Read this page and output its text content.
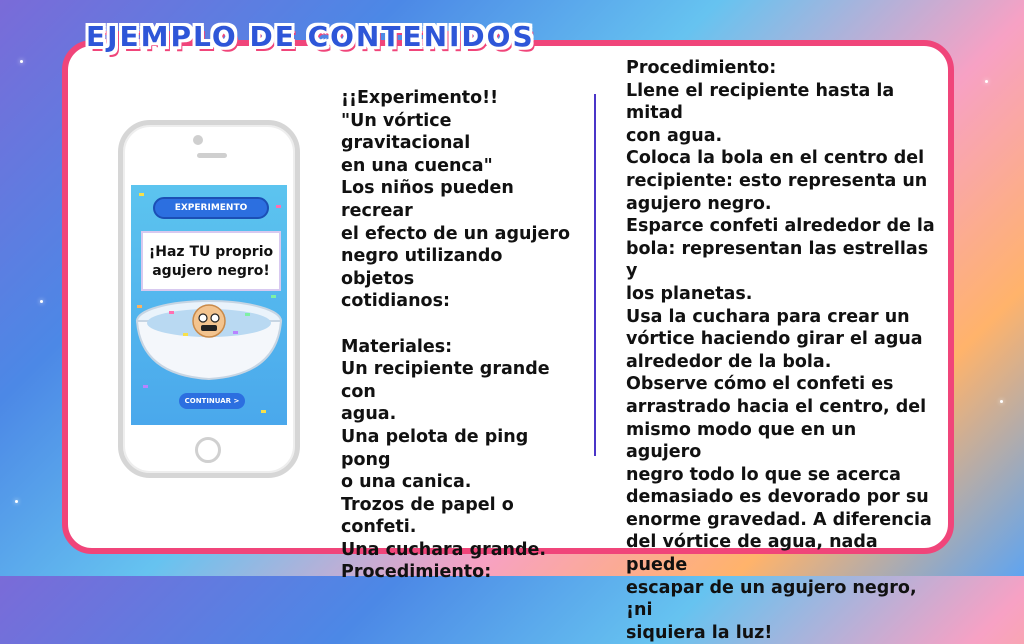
EJEMPLO DE CONTENIDOS
EXPERIMENTO
¡Haz TU proprio agujero negro!
CONTINUAR >
¡¡Experimento!!
"Un vórtice gravitacional
en una cuenca"
Los niños pueden recrear
el efecto de un agujero
negro utilizando objetos
cotidianos:
Materiales:
Un recipiente grande con
agua.
Una pelota de ping pong
o una canica.
Trozos de papel o confeti.
Una cuchara grande.
Procedimiento:
Procedimiento:
Llene el recipiente hasta la mitad
con agua.
Coloca la bola en el centro del
recipiente: esto representa un
agujero negro.
Esparce confeti alrededor de la
bola: representan las estrellas y
los planetas.
Usa la cuchara para crear un
vórtice haciendo girar el agua
alrededor de la bola.
Observe cómo el confeti es
arrastrado hacia el centro, del
mismo modo que en un agujero
negro todo lo que se acerca
demasiado es devorado por su
enorme gravedad. A diferencia
del vórtice de agua, nada puede
escapar de un agujero negro, ¡ni
siquiera la luz!
